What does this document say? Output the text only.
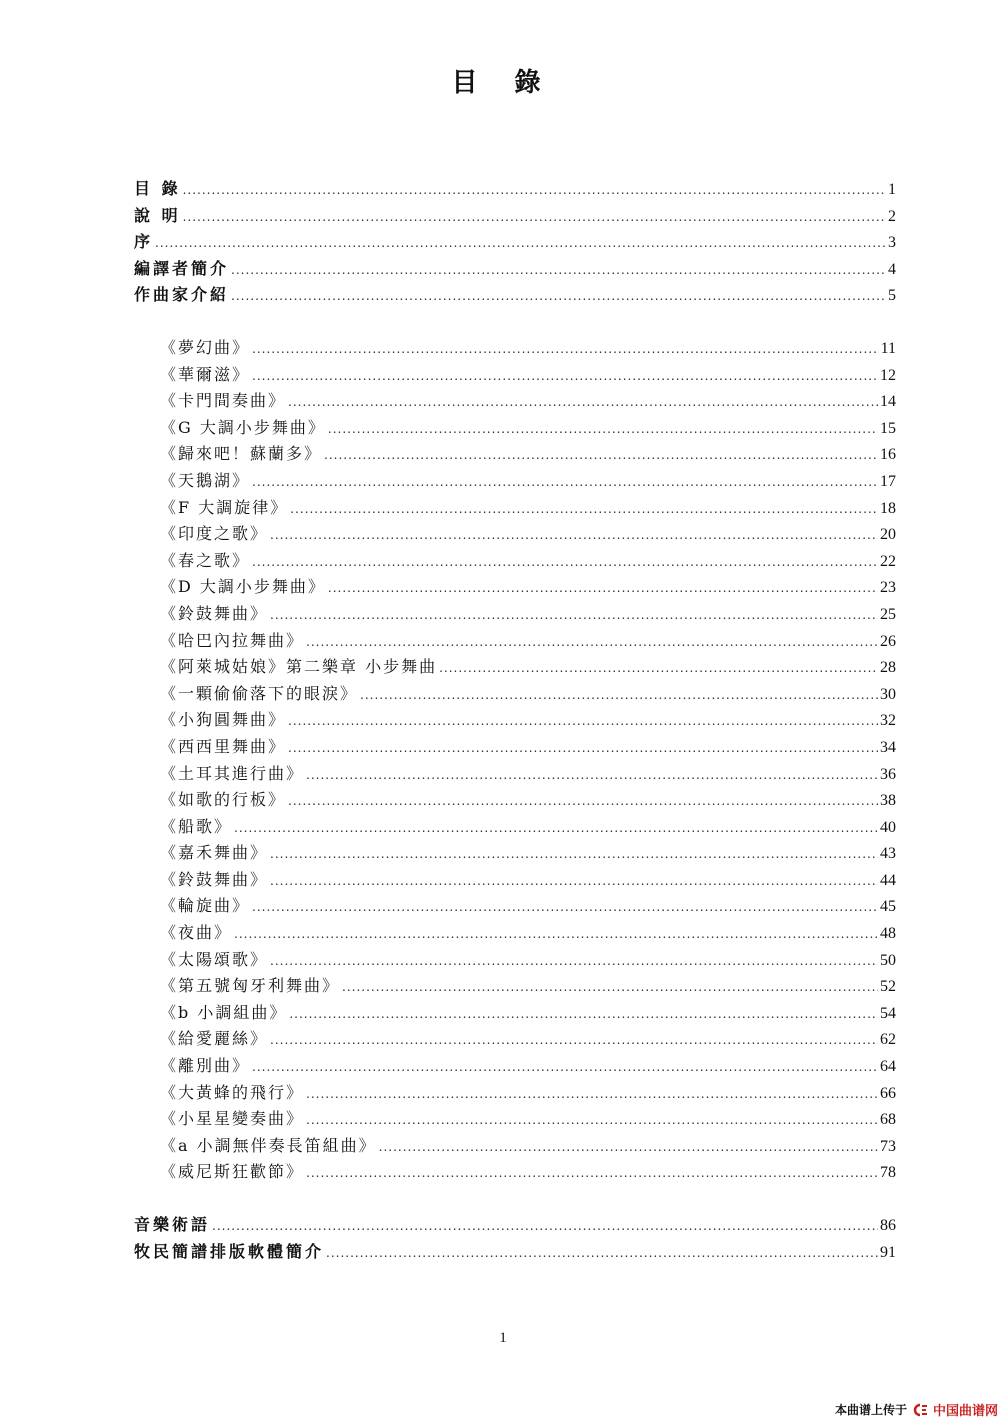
目 錄
目 錄 .....	1
說 明 .....	2
序 .....	3
編譯者簡介 .....	4
作曲家介紹 .....	5
《夢幻曲》 .....	11
《華爾滋》 .....	12
《卡門間奏曲》 .....	14
《G 大調小步舞曲》 .....	15
《歸來吧！蘇蘭多》 .....	16
《天鵝湖》 .....	17
《F 大調旋律》 .....	18
《印度之歌》 .....	20
《春之歌》 .....	22
《D 大調小步舞曲》 .....	23
《鈴鼓舞曲》 .....	25
《哈巴內拉舞曲》 .....	26
《阿萊城姑娘》第二樂章 小步舞曲 .....	28
《一顆偷偷落下的眼淚》 .....	30
《小狗圓舞曲》 .....	32
《西西里舞曲》 .....	34
《土耳其進行曲》 .....	36
《如歌的行板》 .....	38
《船歌》 .....	40
《嘉禾舞曲》 .....	43
《鈴鼓舞曲》 .....	44
《輪旋曲》 .....	45
《夜曲》 .....	48
《太陽頌歌》 .....	50
《第五號匈牙利舞曲》 .....	52
《b 小調組曲》 .....	54
《給愛麗絲》 .....	62
《離別曲》 .....	64
《大黃蜂的飛行》 .....	66
《小星星變奏曲》 .....	68
《a 小調無伴奏長笛組曲》 .....	73
《威尼斯狂歡節》 .....	78
音樂術語 .....	86
牧民簡譜排版軟體簡介 .....	91
1
本曲谱上传于 中国曲谱网
